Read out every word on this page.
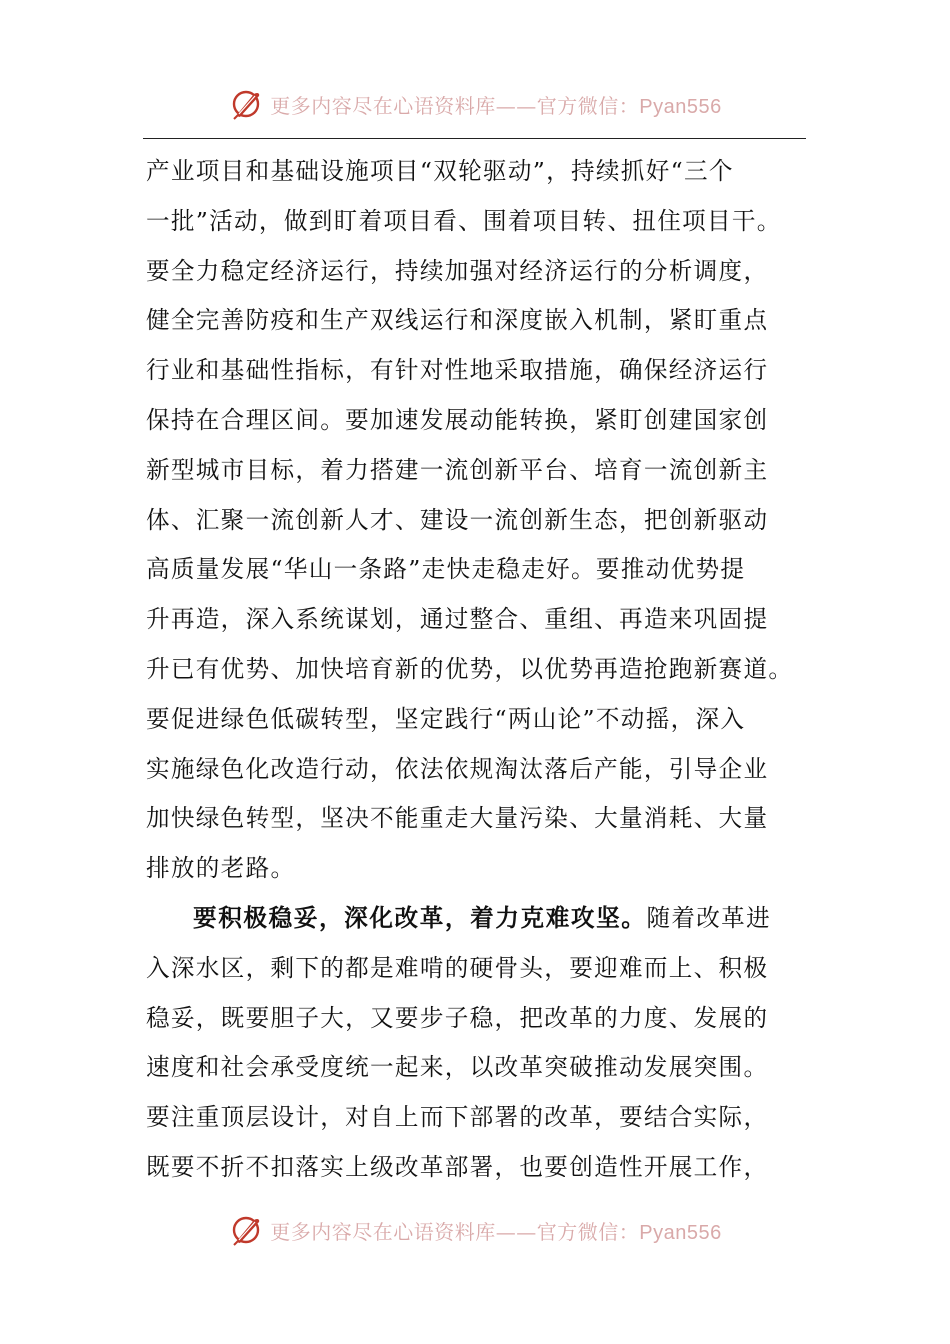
更多内容尽在心语资料库——官方微信：Pyan556
产业项目和基础设施项目“双轮驱动”，持续抓好“三个
一批”活动，做到盯着项目看、围着项目转、扭住项目干。
要全力稳定经济运行，持续加强对经济运行的分析调度，
健全完善防疫和生产双线运行和深度嵌入机制，紧盯重点
行业和基础性指标，有针对性地采取措施，确保经济运行
保持在合理区间。要加速发展动能转换，紧盯创建国家创
新型城市目标，着力搭建一流创新平台、培育一流创新主
体、汇聚一流创新人才、建设一流创新生态，把创新驱动
高质量发展“华山一条路”走快走稳走好。要推动优势提
升再造，深入系统谋划，通过整合、重组、再造来巩固提
升已有优势、加快培育新的优势，以优势再造抢跑新赛道。
要促进绿色低碳转型，坚定践行“两山论”不动摇，深入
实施绿色化改造行动，依法依规淘汰落后产能，引导企业
加快绿色转型，坚决不能重走大量污染、大量消耗、大量
排放的老路。
要积极稳妥，深化改革，着力克难攻坚。随着改革进
入深水区，剩下的都是难啃的硬骨头，要迎难而上、积极
稳妥，既要胆子大，又要步子稳，把改革的力度、发展的
速度和社会承受度统一起来，以改革突破推动发展突围。
要注重顶层设计，对自上而下部署的改革，要结合实际，
既要不折不扣落实上级改革部署，也要创造性开展工作，
更多内容尽在心语资料库——官方微信：Pyan556
